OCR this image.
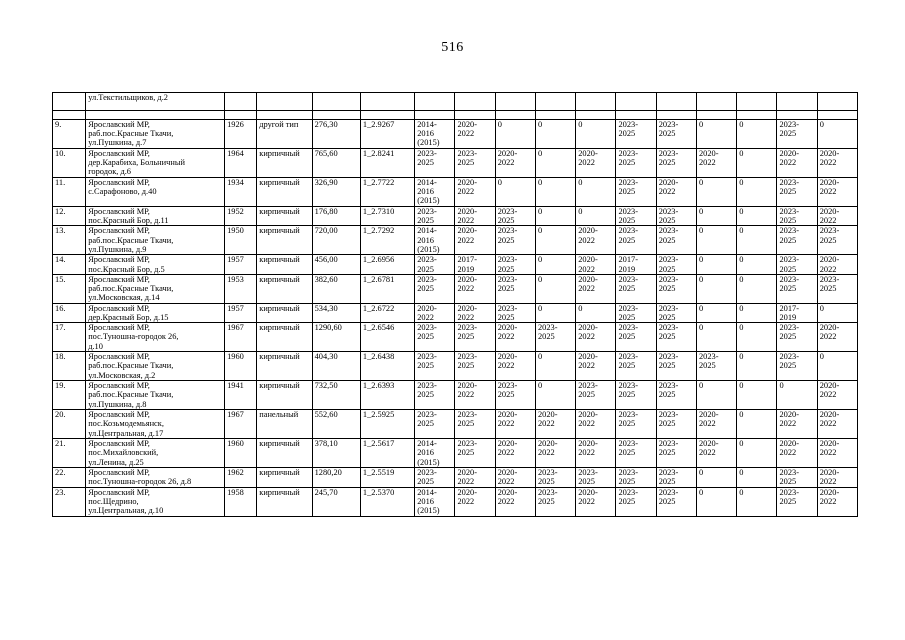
516
	ул.Текстильщиков, д.2															

9.	Ярославский МР,
раб.пос.Красные Ткачи,
ул.Пушкина, д.7	1926	другой тип	276,30	1_2.9267	2014-
2016
(2015)	2020-
2022	0	0	0	2023-
2025	2023-
2025	0	0	2023-
2025	0
10.	Ярославский МР,
дер.Карабиха, Больничный
городок, д.6	1964	кирпичный	765,60	1_2.8241	2023-
2025	2023-
2025	2020-
2022	0	2020-
2022	2023-
2025	2023-
2025	2020-
2022	0	2020-
2022	2020-
2022
11.	Ярославский МР,
с.Сарафоново, д.40	1934	кирпичный	326,90	1_2.7722	2014-
2016
(2015)	2020-
2022	0	0	0	2023-
2025	2020-
2022	0	0	2023-
2025	2020-
2022
12.	Ярославский МР,
пос.Красный Бор, д.11	1952	кирпичный	176,80	1_2.7310	2023-
2025	2020-
2022	2023-
2025	0	0	2023-
2025	2023-
2025	0	0	2023-
2025	2020-
2022
13.	Ярославский МР,
раб.пос.Красные Ткачи,
ул.Пушкина, д.9	1950	кирпичный	720,00	1_2.7292	2014-
2016
(2015)	2020-
2022	2023-
2025	0	2020-
2022	2023-
2025	2023-
2025	0	0	2023-
2025	2023-
2025
14.	Ярославский МР,
пос.Красный Бор, д.5	1957	кирпичный	456,00	1_2.6956	2023-
2025	2017-
2019	2023-
2025	0	2020-
2022	2017-
2019	2023-
2025	0	0	2023-
2025	2020-
2022
15.	Ярославский МР,
раб.пос.Красные Ткачи,
ул.Московская, д.14	1953	кирпичный	382,60	1_2.6781	2023-
2025	2020-
2022	2023-
2025	0	2020-
2022	2023-
2025	2023-
2025	0	0	2023-
2025	2023-
2025
16.	Ярославский МР,
дер.Красный Бор, д.15	1957	кирпичный	534,30	1_2.6722	2020-
2022	2020-
2022	2023-
2025	0	0	2023-
2025	2023-
2025	0	0	2017-
2019	0
17.	Ярославский МР,
пос.Туношна-городок 26,
д.10	1967	кирпичный	1290,60	1_2.6546	2023-
2025	2023-
2025	2020-
2022	2023-
2025	2020-
2022	2023-
2025	2023-
2025	0	0	2023-
2025	2020-
2022
18.	Ярославский МР,
раб.пос.Красные Ткачи,
ул.Московская, д.2	1960	кирпичный	404,30	1_2.6438	2023-
2025	2023-
2025	2020-
2022	0	2020-
2022	2023-
2025	2023-
2025	2023-
2025	0	2023-
2025	0
19.	Ярославский МР,
раб.пос.Красные Ткачи,
ул.Пушкина, д.8	1941	кирпичный	732,50	1_2.6393	2023-
2025	2020-
2022	2023-
2025	0	2023-
2025	2023-
2025	2023-
2025	0	0	0	2020-
2022
20.	Ярославский МР,
пос.Козьмодемьянск,
ул.Центральная, д.17	1967	панельный	552,60	1_2.5925	2023-
2025	2023-
2025	2020-
2022	2020-
2022	2020-
2022	2023-
2025	2023-
2025	2020-
2022	0	2020-
2022	2020-
2022
21.	Ярославский МР,
пос.Михайловский,
ул.Ленина, д.25	1960	кирпичный	378,10	1_2.5617	2014-
2016
(2015)	2023-
2025	2020-
2022	2020-
2022	2020-
2022	2023-
2025	2023-
2025	2020-
2022	0	2020-
2022	2020-
2022
22.	Ярославский МР,
пос.Туношна-городок 26, д.8	1962	кирпичный	1280,20	1_2.5519	2023-
2025	2020-
2022	2020-
2022	2023-
2025	2023-
2025	2023-
2025	2023-
2025	0	0	2023-
2025	2020-
2022
23.	Ярославский МР,
пос.Щедрино,
ул.Центральная, д.10	1958	кирпичный	245,70	1_2.5370	2014-
2016
(2015)	2020-
2022	2020-
2022	2023-
2025	2020-
2022	2023-
2025	2023-
2025	0	0	2023-
2025	2020-
2022
